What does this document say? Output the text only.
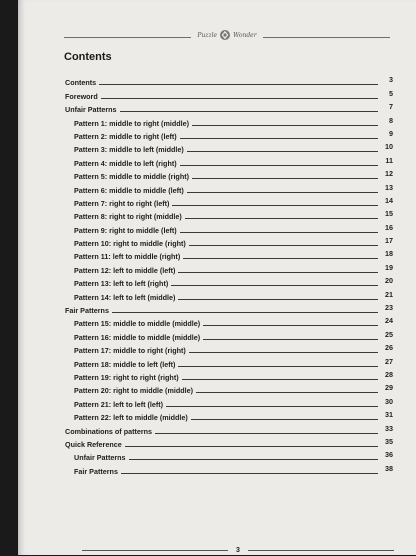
Puzzle	Wonder
Contents
Contents	3
Foreword	5
Unfair Patterns	7
Pattern 1: middle to right (middle)	8
Pattern 2: middle to right (left)	9
Pattern 3: middle to left (middle)	10
Pattern 4: middle to left (right)	11
Pattern 5: middle to middle (right)	12
Pattern 6: middle to middle (left)	13
Pattern 7: right to right (left)	14
Pattern 8: right to right (middle)	15
Pattern 9: right to middle (left)	16
Pattern 10: right to middle (right)	17
Pattern 11: left to middle (right)	18
Pattern 12: left to middle (left)	19
Pattern 13: left to left (right)	20
Pattern 14: left to left (middle)	21
Fair Patterns	23
Pattern 15: middle to middle (middle)	24
Pattern 16: middle to middle (middle)	25
Pattern 17: middle to right (right)	26
Pattern 18: middle to left (left)	27
Pattern 19: right to right (right)	28
Pattern 20: right to middle (middle)	29
Pattern 21: left to left (left)	30
Pattern 22: left to middle (middle)	31
Combinations of patterns	33
Quick Reference	35
Unfair Patterns	36
Fair Patterns	38
3
